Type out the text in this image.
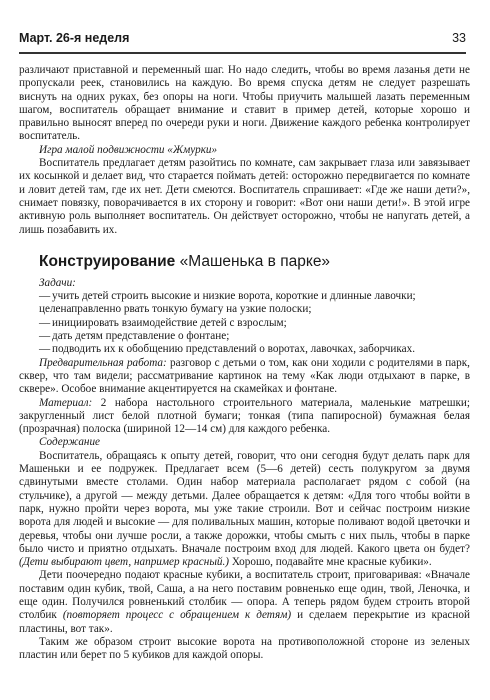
Март. 26-я неделя	33

различают приставной и переменный шаг. Но надо следить, чтобы во время лазанья дети не пропускали реек, становились на каждую. Во время спуска детям не следует разрешать виснуть на одних руках, без опоры на ноги. Чтобы приучить малышей лазать переменным шагом, воспитатель обращает внимание и ставит в пример детей, которые хорошо и правильно выносят вперед по очереди руки и ноги. Движение каждого ребенка контролирует воспитатель.

Игра малой подвижности «Жмурки»

Воспитатель предлагает детям разойтись по комнате, сам закрывает глаза или завязывает их косынкой и делает вид, что старается поймать детей: осторожно передвигается по комнате и ловит детей там, где их нет. Дети смеются. Воспитатель спрашивает: «Где же наши дети?», снимает повязку, поворачивается в их сторону и говорит: «Вот они наши дети!». В этой игре активную роль выполняет воспитатель. Он действует осторожно, чтобы не напугать детей, а лишь позабавить их.

Конструирование «Машенька в парке»

Задачи:

— учить детей строить высокие и низкие ворота, короткие и длинные лавочки;
целенаправленно рвать тонкую бумагу на узкие полоски;
— инициировать взаимодействие детей с взрослым;
— дать детям представление о фонтане;
— подводить их к обобщению представлений о воротах, лавочках, заборчиках.

Предварительная работа: разговор с детьми о том, как они ходили с родителями в парк, сквер, что там видели; рассматривание картинок на тему «Как люди отдыхают в парке, в сквере». Особое внимание акцентируется на скамейках и фонтане.

Материал: 2 набора настольного строительного материала, маленькие матрешки; закругленный лист белой плотной бумаги; тонкая (типа папиросной) бумажная белая (прозрачная) полоска (шириной 12—14 см) для каждого ребенка.

Содержание

Воспитатель, обращаясь к опыту детей, говорит, что они сегодня будут делать парк для Машеньки и ее подружек. Предлагает всем (5—6 детей) сесть полукругом за двумя сдвинутыми вместе столами. Один набор материала располагает рядом с собой (на стульчике), а другой — между детьми. Далее обращается к детям: «Для того чтобы войти в парк, нужно пройти через ворота, мы уже такие строили. Вот и сейчас построим низкие ворота для людей и высокие — для поливальных машин, которые поливают водой цветочки и деревья, чтобы они лучше росли, а также дорожки, чтобы смыть с них пыль, чтобы в парке было чисто и приятно отдыхать. Вначале построим вход для людей. Какого цвета он будет? (Дети выбирают цвет, например красный.) Хорошо, подавайте мне красные кубики».

Дети поочередно подают красные кубики, а воспитатель строит, приговаривая: «Вначале поставим один кубик, твой, Саша, а на него поставим ровненько еще один, твой, Леночка, и еще один. Получился ровненький столбик — опора. А теперь рядом будем строить второй столбик (повторяет процесс с обращением к детям) и сделаем перекрытие из красной пластины, вот так».

Таким же образом строит высокие ворота на противоположной стороне из зеленых пластин или берет по 5 кубиков для каждой опоры.
